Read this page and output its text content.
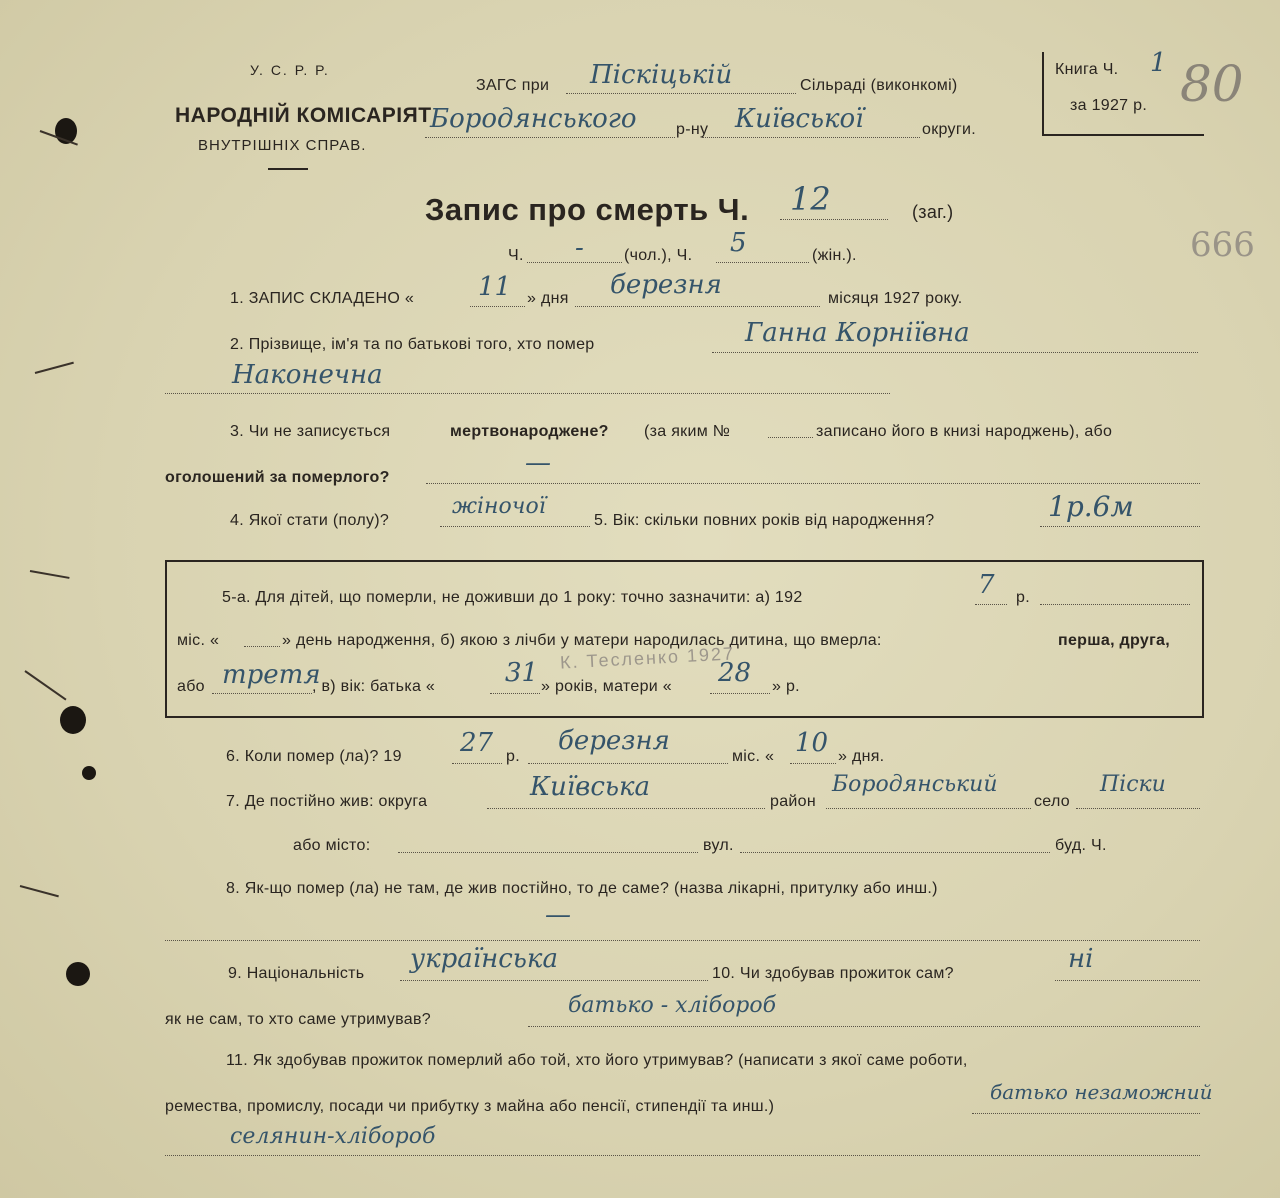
У. С. Р. Р.
НАРОДНІЙ КОМІСАРІЯТ
ВНУТРІШНІХ СПРАВ.
ЗАГС при Піскіцькій	Сільраді (виконкомі)
Бородянського р-ну Київської	округи.
Книга Ч. 1
за 1927 р. 80
666
Запис про смерть Ч. 12	(заг.)
Ч. -	(чол.), Ч. 5	(жін.).
1. ЗАПИС СКЛАДЕНО « 11 » дня березня	місяця 1927 року.
2. Прізвище, ім'я та по батькові того, хто помер	Ганна Корніївна
Наконечна
3. Чи не записується	мертвонароджене? (за яким №	записано його в книзі народжень), або
оголошений за померлого?	—
4. Якої стати (полу)?
жіночої
5. Вік: скільки повних років від народження?	1р.6м
5-а. Для дітей, що померли, не доживши до 1 року: точно зазначити: а) 192	7 р.
міс. «	» день народження, б) якою з лічби у матери народилась дитина, що вмерла:	перша, друга,
К. Тесленко 1927
або третя
, в) вік: батька «	31 » років, матери « 28 » р.
6. Коли помер (ла)? 19 27 р.
березня
міс. « 10 » дня.
7. Де постійно жив: округа	Київська	район
Бородянський
село
Піски
або місто:	вул.	буд. Ч.
8. Як-що помер (ла) не там, де жив постійно, то де саме? (назва лікарні, притулку або инш.)
—
9. Національність українська	10. Чи здобував прожиток сам?	ні
як не сам, то хто саме утримував?
батько - хлібороб
11. Як здобував прожиток померлий або той, хто його утримував? (написати з якої саме роботи,
ремества, промислу, посади чи прибутку з майна або пенсії, стипендії та инш.)
батько незаможний
селянин-хлібороб
